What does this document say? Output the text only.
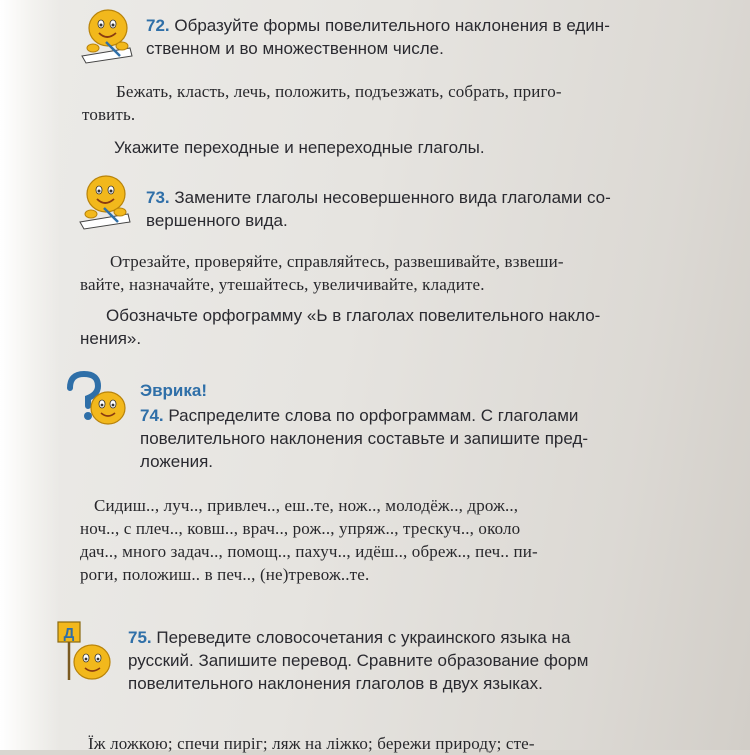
72. Образуйте формы повелительного наклонения в един-
ственном и во множественном числе.

Бежать, класть, лечь, положить, подъезжать, собрать, приго-
товить.

Укажите переходные и непереходные глаголы.

73. Замените глаголы несовершенного вида глаголами со-
вершенного вида.

Отрезайте, проверяйте, справляйтесь, развешивайте, взвеши-
вайте, назначайте, утешайтесь, увеличивайте, кладите.

Обозначьте орфограмму «Ь в глаголах повелительного накло-
нения».

Эврика!

74. Распределите слова по орфограммам. С глаголами
повелительного наклонения составьте и запишите пред-
ложения.

Сидиш.., луч.., привлеч.., еш..те, нож.., молодёж.., дрож..,
ноч.., с плеч.., ковш.., врач.., рож.., упряж.., трескуч.., около
дач.., много задач.., помощ.., пахуч.., идёш.., обреж.., печ.. пи-
роги, положиш.. в печ.., (не)тревож..те.

Д	75. Переведите словосочетания с украинского языка на
русский. Запишите перевод. Сравните образование форм
повелительного наклонения глаголов в двух языках.

Їж ложкою; спечи пиріг; ляж на ліжко; бережи природу; сте-
